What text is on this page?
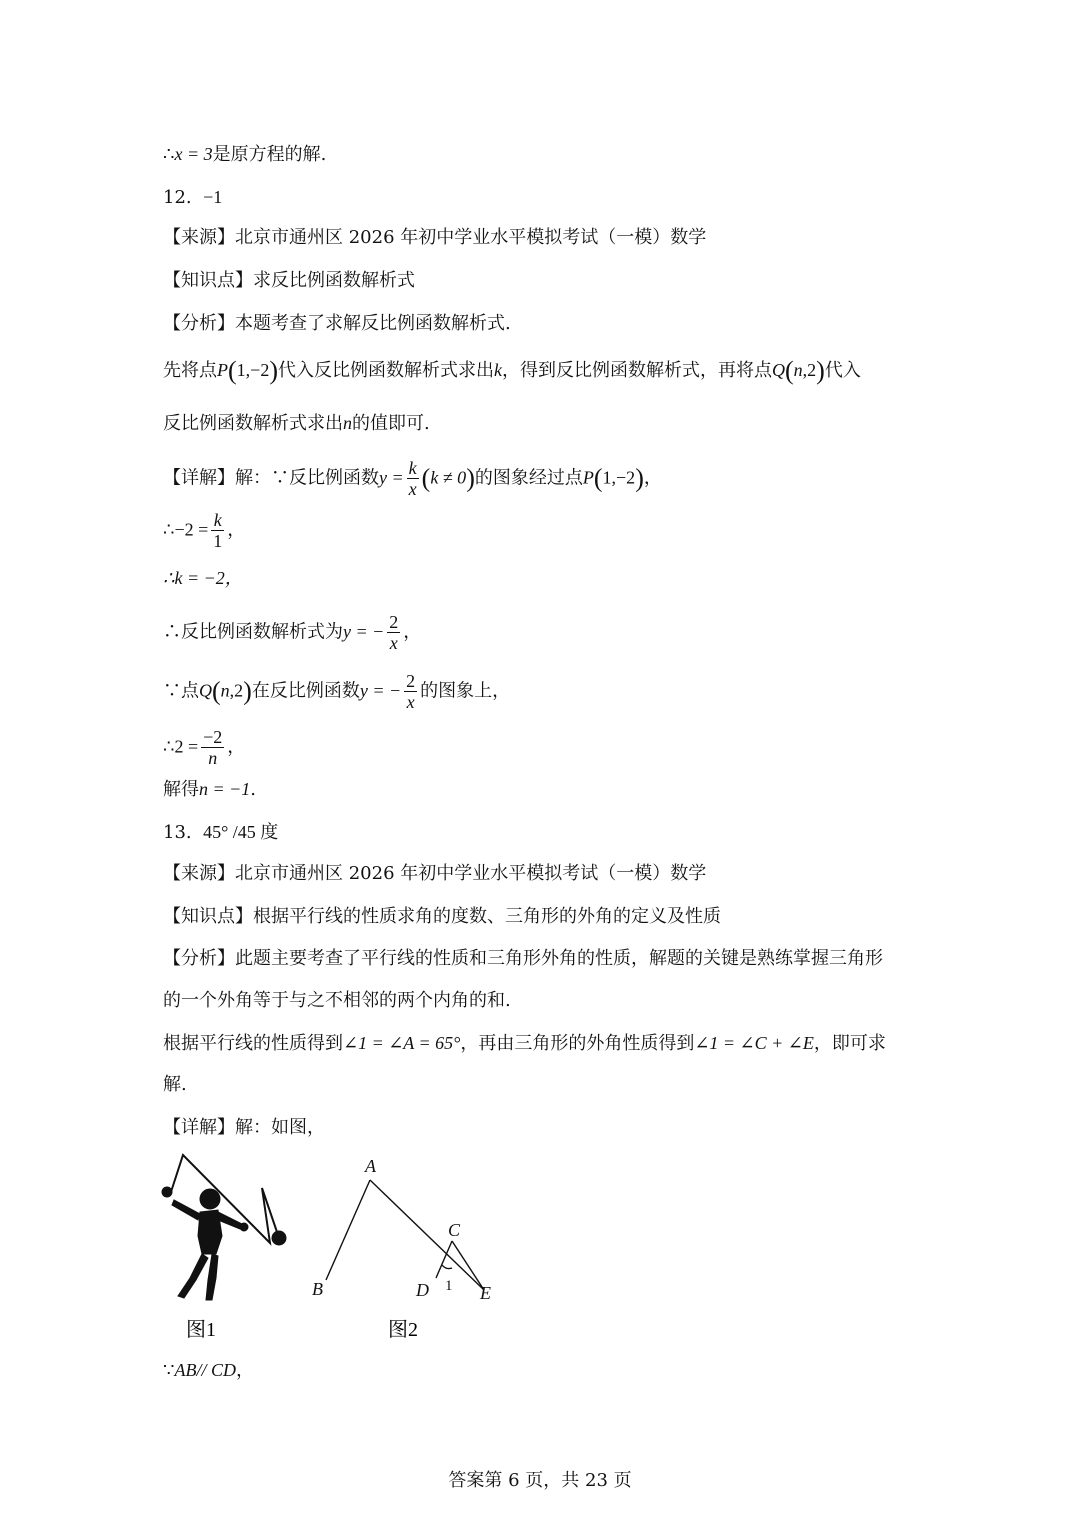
∴x = 3是原方程的解.
12. −1
【来源】北京市通州区 2026 年初中学业水平模拟考试（一模）数学
【知识点】求反比例函数解析式
【分析】本题考查了求解反比例函数解析式.
先将点P(1,−2)代入反比例函数解析式求出k，得到反比例函数解析式，再将点Q(n,2)代入
反比例函数解析式求出n的值即可.
【详解】解：∵反比例函数$y = \frac{k}{x} (k \ne 0)$的图象经过点P(1,−2)，
∴−2 = $\frac{k}{1}$ ，
∴k = −2，
∴反比例函数解析式为y = − $\frac{2}{x}$ ，
∵点Q(n,2)在反比例函数y = − $\frac{2}{x}$ 的图象上，
∴2 = $\frac{-2}{n}$ ，
解得n = −1.
13. 45° /45 度
【来源】北京市通州区 2026 年初中学业水平模拟考试（一模）数学
【知识点】根据平行线的性质求角的度数、三角形的外角的定义及性质
【分析】此题主要考查了平行线的性质和三角形外角的性质，解题的关键是熟练掌握三角形
的一个外角等于与之不相邻的两个内角的和.
根据平行线的性质得到∠1 = ∠A = 65°，再由三角形的外角性质得到∠1 = ∠C + ∠E，即可求
解.
【详解】解：如图，
图1
A
B
C
D	E
1
图2
∵AB// CD，
答案第 6 页，共 23 页
